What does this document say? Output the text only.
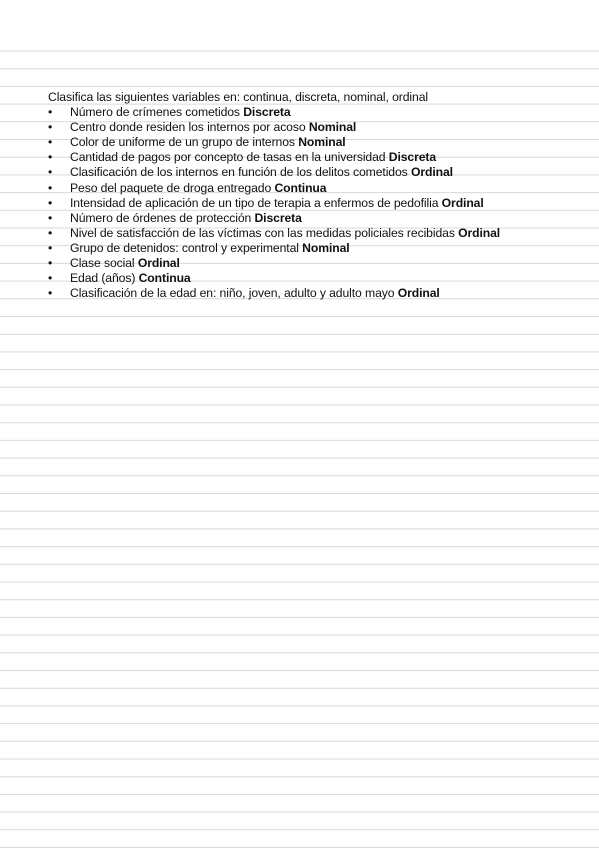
Clasifica las siguientes variables en: continua, discreta, nominal, ordinal
•	Número de crímenes cometidos Discreta
•	Centro donde residen los internos por acoso Nominal
•	Color de uniforme de un grupo de internos Nominal
•	Cantidad de pagos por concepto de tasas en la universidad Discreta
•	Clasificación de los internos en función de los delitos cometidos Ordinal
•	Peso del paquete de droga entregado Continua
•	Intensidad de aplicación de un tipo de terapia a enfermos de pedofilia Ordinal
•	Número de órdenes de protección Discreta
•	Nivel de satisfacción de las víctimas con las medidas policiales recibidas Ordinal
•	Grupo de detenidos: control y experimental Nominal
•	Clase social Ordinal
•	Edad (años) Continua
•	Clasificación de la edad en: niño, joven, adulto y adulto mayo Ordinal
